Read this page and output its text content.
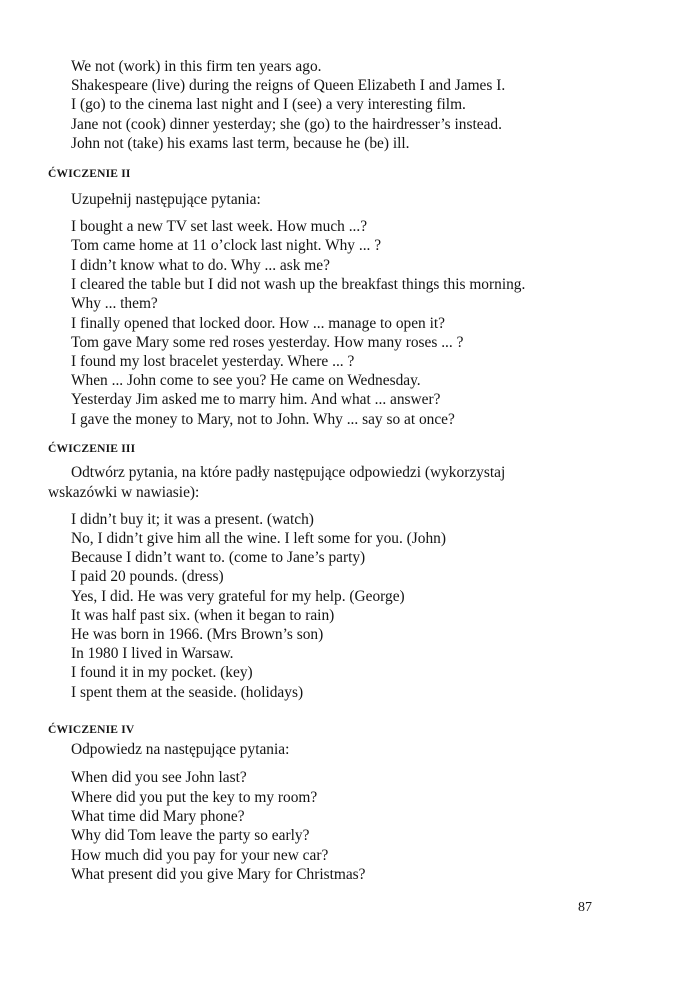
We not (work) in this firm ten years ago.
Shakespeare (live) during the reigns of Queen Elizabeth I and James I.
I (go) to the cinema last night and I (see) a very interesting film.
Jane not (cook) dinner yesterday; she (go) to the hairdresser’s instead.
John not (take) his exams last term, because he (be) ill.
ĆWICZENIE II
Uzupełnij następujące pytania:
I bought a new TV set last week. How much ...?
Tom came home at 11 o’clock last night. Why ... ?
I didn’t know what to do. Why ... ask me?
I cleared the table but I did not wash up the breakfast things this morning.
Why ... them?
I finally opened that locked door. How ... manage to open it?
Tom gave Mary some red roses yesterday. How many roses ... ?
I found my lost bracelet yesterday. Where ... ?
When ... John come to see you? He came on Wednesday.
Yesterday Jim asked me to marry him. And what ... answer?
I gave the money to Mary, not to John. Why ... say so at once?
ĆWICZENIE III
Odtwórz pytania, na które padły następujące odpowiedzi (wykorzystaj
wskazówki w nawiasie):
I didn’t buy it; it was a present. (watch)
No, I didn’t give him all the wine. I left some for you. (John)
Because I didn’t want to. (come to Jane’s party)
I paid 20 pounds. (dress)
Yes, I did. He was very grateful for my help. (George)
It was half past six. (when it began to rain)
He was born in 1966. (Mrs Brown’s son)
In 1980 I lived in Warsaw.
I found it in my pocket. (key)
I spent them at the seaside. (holidays)
ĆWICZENIE IV
Odpowiedz na następujące pytania:
When did you see John last?
Where did you put the key to my room?
What time did Mary phone?
Why did Tom leave the party so early?
How much did you pay for your new car?
What present did you give Mary for Christmas?
87
